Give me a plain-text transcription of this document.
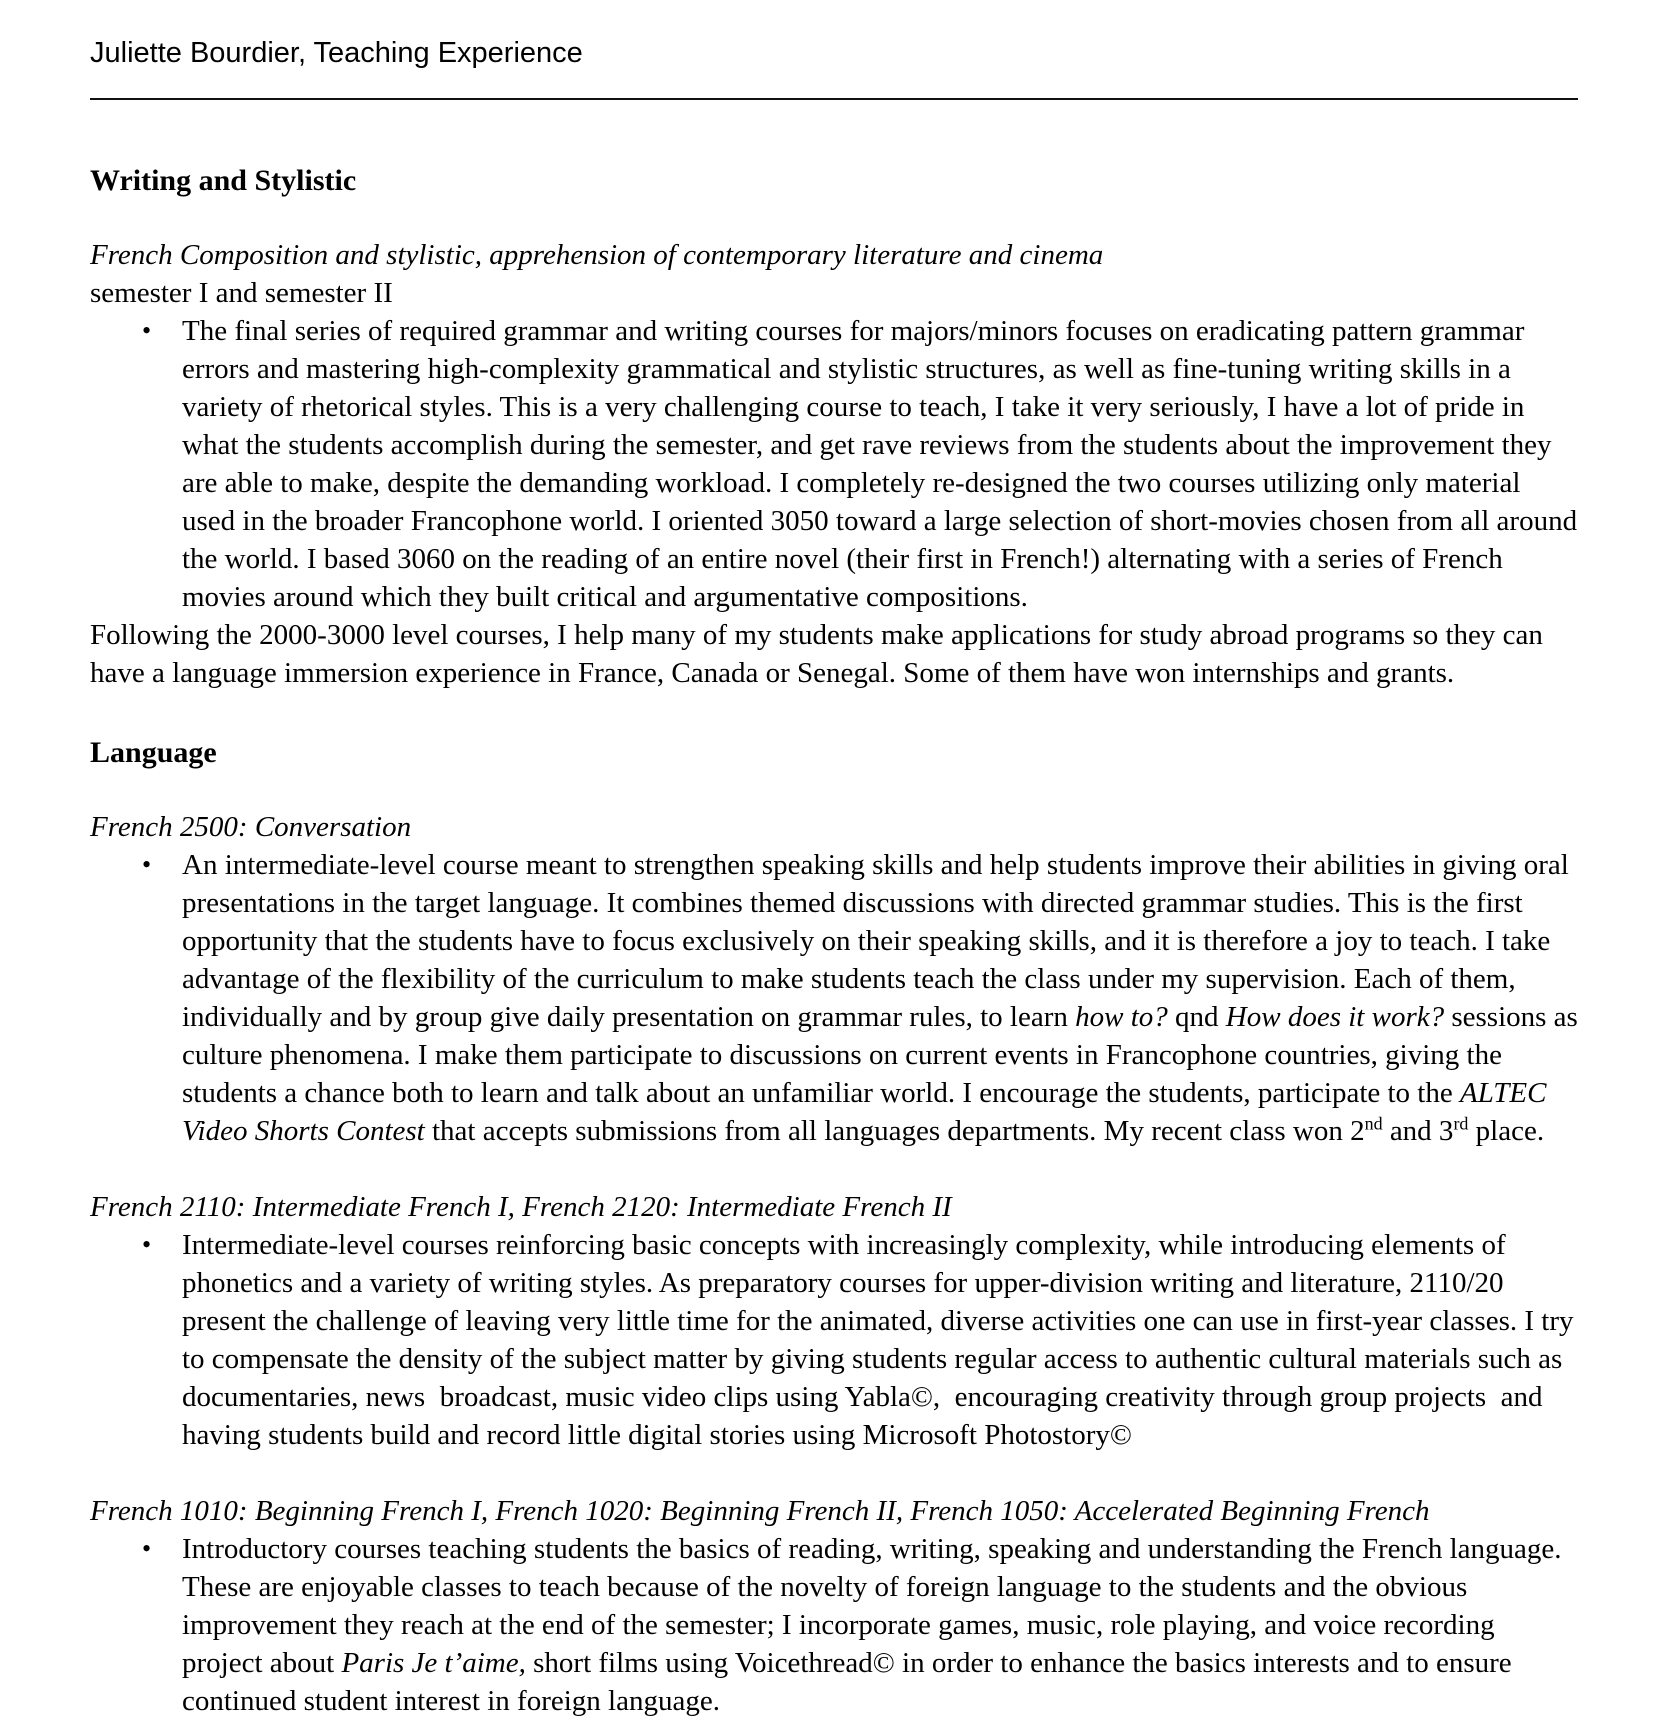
Juliette Bourdier, Teaching Experience
Writing and Stylistic

French Composition and stylistic, apprehension of contemporary literature and cinema

semester I and semester II

•	The final series of required grammar and writing courses for majors/minors focuses on eradicating pattern grammar errors and mastering high-complexity grammatical and stylistic structures, as well as fine-tuning writing skills in a variety of rhetorical styles. This is a very challenging course to teach, I take it very seriously, I have a lot of pride in what the students accomplish during the semester, and get rave reviews from the students about the improvement they are able to make, despite the demanding workload. I completely re-designed the two courses utilizing only material used in the broader Francophone world. I oriented 3050 toward a large selection of short-movies chosen from all around the world. I based 3060 on the reading of an entire novel (their first in French!) alternating with a series of French movies around which they built critical and argumentative compositions.

Following the 2000-3000 level courses, I help many of my students make applications for study abroad programs so they can have a language immersion experience in France, Canada or Senegal. Some of them have won internships and grants.

Language

French 2500: Conversation

•	An intermediate-level course meant to strengthen speaking skills and help students improve their abilities in giving oral presentations in the target language. It combines themed discussions with directed grammar studies. This is the first opportunity that the students have to focus exclusively on their speaking skills, and it is therefore a joy to teach. I take advantage of the flexibility of the curriculum to make students teach the class under my supervision. Each of them, individually and by group give daily presentation on grammar rules, to learn how to? qnd How does it work? sessions as culture phenomena. I make them participate to discussions on current events in Francophone countries, giving the students a chance both to learn and talk about an unfamiliar world. I encourage the students, participate to the ALTEC Video Shorts Contest that accepts submissions from all languages departments. My recent class won 2nd and 3rd place.

French 2110: Intermediate French I, French 2120: Intermediate French II

•	Intermediate-level courses reinforcing basic concepts with increasingly complexity, while introducing elements of phonetics and a variety of writing styles. As preparatory courses for upper-division writing and literature, 2110/20 present the challenge of leaving very little time for the animated, diverse activities one can use in first-year classes. I try to compensate the density of the subject matter by giving students regular access to authentic cultural materials such as documentaries, news  broadcast, music video clips using Yabla©,  encouraging creativity through group projects  and having students build and record little digital stories using Microsoft Photostory©

French 1010: Beginning French I, French 1020: Beginning French II, French 1050: Accelerated Beginning French

•	Introductory courses teaching students the basics of reading, writing, speaking and understanding the French language. These are enjoyable classes to teach because of the novelty of foreign language to the students and the obvious improvement they reach at the end of the semester; I incorporate games, music, role playing, and voice recording project about Paris Je t’aime, short films using Voicethread© in order to enhance the basics interests and to ensure continued student interest in foreign language.
